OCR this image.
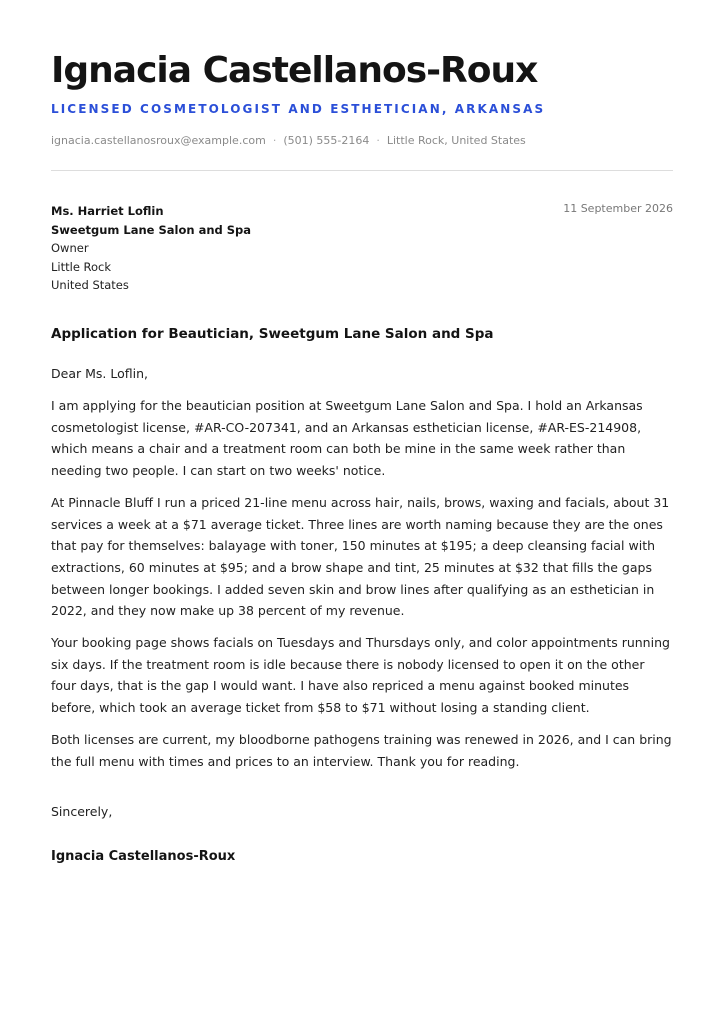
Ignacia Castellanos-Roux
LICENSED COSMETOLOGIST AND ESTHETICIAN, ARKANSAS
ignacia.castellanosroux@example.com · (501) 555-2164 · Little Rock, United States
Ms. Harriet Loflin
Sweetgum Lane Salon and Spa
Owner
Little Rock
United States
11 September 2026
Application for Beautician, Sweetgum Lane Salon and Spa
Dear Ms. Loflin,

I am applying for the beautician position at Sweetgum Lane Salon and Spa. I hold an Arkansas cosmetologist license, #AR-CO-207341, and an Arkansas esthetician license, #AR-ES-214908, which means a chair and a treatment room can both be mine in the same week rather than needing two people. I can start on two weeks' notice.

At Pinnacle Bluff I run a priced 21-line menu across hair, nails, brows, waxing and facials, about 31 services a week at a $71 average ticket. Three lines are worth naming because they are the ones that pay for themselves: balayage with toner, 150 minutes at $195; a deep cleansing facial with extractions, 60 minutes at $95; and a brow shape and tint, 25 minutes at $32 that fills the gaps between longer bookings. I added seven skin and brow lines after qualifying as an esthetician in 2022, and they now make up 38 percent of my revenue.

Your booking page shows facials on Tuesdays and Thursdays only, and color appointments running six days. If the treatment room is idle because there is nobody licensed to open it on the other four days, that is the gap I would want. I have also repriced a menu against booked minutes before, which took an average ticket from $58 to $71 without losing a standing client.

Both licenses are current, my bloodborne pathogens training was renewed in 2026, and I can bring the full menu with times and prices to an interview. Thank you for reading.

Sincerely,
Ignacia Castellanos-Roux
